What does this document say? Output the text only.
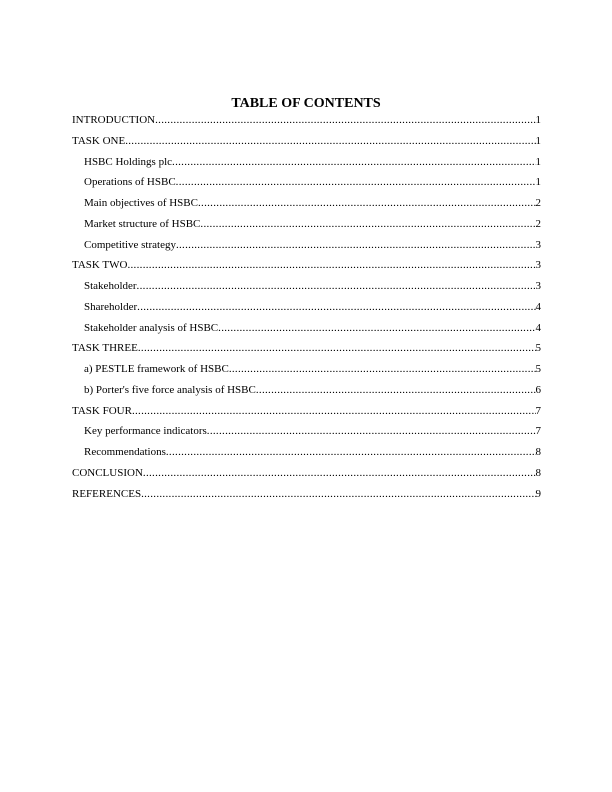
TABLE OF CONTENTS
INTRODUCTION .....	1
TASK ONE .....	1
HSBC Holdings plc .....	1
Operations of HSBC .....	1
Main objectives of HSBC .....	2
Market structure of HSBC .....	2
Competitive strategy .....	3
TASK TWO .....	3
Stakeholder .....	3
Shareholder .....	4
Stakeholder analysis of HSBC .....	4
TASK THREE .....	5
a) PESTLE framework of HSBC .....	5
b) Porter's five force analysis of HSBC .....	6
TASK FOUR .....	7
Key performance indicators .....	7
Recommendations .....	8
CONCLUSION .....	8
REFERENCES .....	9
